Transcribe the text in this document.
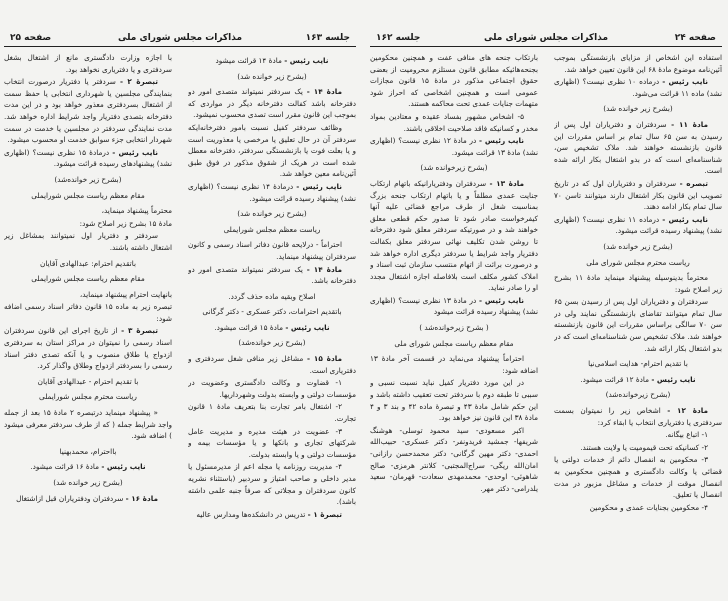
جلسه ۱۶۳
مذاکرات مجلس شورای ملی
صفحه ۲۵

نایب رئیس - مادهٔ ۱۴ قرائت میشود

(بشرح زیر خوانده شد)

مادهٔ ۱۴ - یک سردفتر نمیتواند متصدی امور دو دفترخانه باشد کفالت دفترخانه دیگر در مواردی که بموجب این قانون مقرر است تصدی محسوب نمیشود.

وظائف سردفتر کفیل نسبت بامور دفترخانه‌ایکه سردفتر آن در حال تعلیق یا مرخصی یا معذوریت است و یا بعلت فوت یا بازنشستگی سردفتر، دفترخانه معطل شده است در هریک از شقوق مذکور در فوق طبق آئین‌نامه معین خواهد شد.

نایب رئیس - درمادهٔ ۱۴ نظری نیست؟ (اظهاری نشد) پیشنهاد رسیده قرائت میشود.

(بشرح زیر خوانده شد)

ریاست معظم مجلس شورایملی

احتراماً - درلایحه قانون دفاتر اسناد رسمی و کانون سردفتران پیشنهاد مینماید.

مادهٔ ۱۴ - یک سردفتر نمیتواند متصدی امور دو دفترخانه باشد.

اصلاح وبقیه ماده حذف گردد.

باتقدیم احترامات، دکتر عسکری - دکتر گرگانی

نایب رئیس - مادهٔ ۱۵ قرائت میشود.

(بشرح زیر خوانده‌شد)

مادهٔ ۱۵ - مشاغل زیر منافی شغل سردفتری و دفتریاری است.

۱- قضاوت و وکالت دادگستری وعضویت در مؤسسات دولتی و وابسته بدولت وشهرداریها.

۲- اشتغال بامر تجارت بنا بتعریف مادهٔ ۱ قانون تجارت.

۳- عضویت در هیئت مدیره و مدیریت عامل شرکتهای تجاری و بانکها و یا مؤسسات بیمه و مؤسسات دولتی و یا وابسته بدولت.

۴- مدیریت روزنامه یا مجله اعم از مدیرمسئول یا مدیر داخلی و صاحب امتیاز و سردبیر (باستثناء نشریه کانون سردفتران و مجلاتی که صرفاً جنبه علمی داشته باشد).

تبصرهٔ ۱ - تدریس در دانشکده‌ها ومدارس عالیه

با اجازه وزارت دادگستری مانع از اشتغال بشغل سردفتری و یا دفتریاری نخواهد بود.

تبصرهٔ ۲ - سردفتر یا دفتریار درصورت انتخاب بنمایندگی مجلسین یا شهرداری انتخابی یا حفظ سمت از اشتغال بسردفتری معذور خواهد بود و در این مدت دفترخانه بتصدی دفتریار واجد شرایط اداره خواهد شد. مدت نمایندگی سردفتر در مجلسین یا خدمت در سمت شهردار انتخابی جزء سوابق خدمت او محسوب میشود.

نایب رئیس - درمادهٔ ۱۵ نظری نیست؟ (اظهاری نشد) پیشنهادهای رسیده قرائت میشود.

(بشرح زیر خوانده‌شد)

مقام معظم ریاست مجلس شورایملی

محترماً پیشنهاد مینماید،

مادهٔ ۱۵ بشرح زیر اصلاح شود:

سردفتر و دفتریار اول نمیتوانند بمشاغل زیر اشتغال داشته باشند.

باتقدیم احترام: عبدالهادی آقایان

مقام معظم ریاست مجلس شورایملی

بانهایت احترام پیشنهاد مینماید،

تبصره زیر به ماده ۱۵ قانون دفاتر اسناد رسمی اضافه شود:

تبصرهٔ ۳ - از تاریخ اجرای این قانون سردفتران اسناد رسمی را نمیتوان در مراکز استان به سردفتری ازدواج یا طلاق منصوب و یا آنکه تصدی دفتر اسناد رسمی را بسردفتر ازدواج وطلاق واگذار کرد.

با تقدیم احترام - عبدالهادی آقایان

ریاست محترم مجلس شورایملی

« پیشنهاد مینماید درتبصره ۲ مادهٔ ۱۵ بعد از جمله واجد شرایط جمله ( که از طرف سردفتر معرفی میشود ) اضافه شود.

بااحترام، محمدبهنیا

نایب رئیس - مادهٔ ۱۶ قرائت میشود.

(بشرح زیر خوانده شد)

مادهٔ ۱۶ - سردفتران ودفتریاران قبل ازاشتغال

صفحه ۲۴
مذاکرات مجلس شورای ملی
جلسه ۱۶۲

استفاده این اشخاص از مزایای بازنشستگی بموجب آئین‌نامه موضوع مادهٔ ۶۸ این قانون تعیین خواهد شد.

نایب رئیس - درماده ۱۰ نظری نیست؟ (اظهاری نشد) ماده ۱۱ قرائت می‌شود.

(بشرح زیر خوانده شد)

مادهٔ ۱۱ - سردفتران و دفتریاران اول پس از رسیدن به سن ۶۵ سال تمام بر اساس مقررات این قانون بازنشسته خواهند شد. ملاک تشخیص سن، شناسنامه‌ای است که در بدو اشتغال بکار ارائه شده است.

تبصره - سردفتران و دفتریاران اول که در تاریخ تصویب این قانون بکار اشتغال دارند میتوانند تاسن ۷۰ سال تمام بکار ادامه دهند.

نایب رئیس - درماده ۱۱ نظری نیست؟ (اظهاری نشد) پیشنهاد رسیده قرائت میشود.

(بشرح زیر خوانده شد)

ریاست محترم مجلس شورای ملی

محترماً بدینوسیله پیشنهاد مینماید مادهٔ ۱۱ بشرح زیر اصلاح شود:

سردفتران و دفتریاران اول پس از رسیدن بسن ۶۵ سال تمام میتوانند تقاضای بازنشستگی نمایند ولی در سن ۷۰ سالگی براساس مقررات این قانون بازنشسته خواهند شد. ملاک تشخیص سن شناسنامه‌ای است که در بدو اشتغال بکار ارائه شد.

با تقدیم احترام- هدایت اسلامی‌نیا

نایب رئیس - مادهٔ ۱۲ قرائت میشود.

(بشرح زیرخوانده‌شد)

مادهٔ ۱۲ - اشخاص زیر را نمیتوان بسمت سردفتری یا دفتریاری انتخاب یا ابقاء کرد:

۱- اتباع بیگانه.

۲- کسانیکه تحت قیمومیت یا ولایت هستند.

۳- محکومین به انفصال دائم از خدمات دولتی یا قضائی یا وکالت دادگستری و همچنین محکومین به انفصال موقت از خدمات و مشاغل مزبور در مدت انفصال یا تعلیق.

۴- محکومین بجنایات عمدی و محکومین

بارتکاب جنحه های منافی عفت و همچنین محکومین بجنحه‌هائیکه مطابق قانون مستلزم محرومیت از بعضی حقوق اجتماعی مذکور در مادهٔ ۱۵ قانون مجازات عمومی است و همچنین اشخاصی که احراز شود متهمات جنایات عمدی تحت محاکمه هستند.

۵- اشخاص مشهور بفساد عقیده و معتادین بمواد مخدر و کسانیکه فاقد صلاحیت اخلاقی باشند.

نایب رئیس - در مادهٔ ۱۲ نظری نیست؟ (اظهاری نشد) مادهٔ ۱۳ قرائت میشود.

(بشرح زیرخوانده شد)

مادهٔ ۱۳ - سردفتران ودفتریارانیکه باتهام ارتکاب جنایت عمدی مطلقاً و یا باتهام ارتکاب جنحه بزرگ بمناسبت شغل از طرف مراجع قضائی علیه آنها کیفرخواست صادر شود تا صدور حکم قطعی معلق خواهند شد و در صورتیکه سردفتر معلق شود دفترخانه تا روشن شدن تکلیف نهائی سردفتر معلق بکفالت دفتریار واجد شرایط یا سردفتر دیگری اداره خواهد شد و درصورت برائت از اتهام منتسب سازمان ثبت اسناد و املاک کشور مکلف است بلافاصله اجازه اشتغال مجدد او را صادر نماید.

نایب رئیس - در مادهٔ ۱۳ نظری نیست؟ (اظهاری نشد) پیشنهاد رسیده قرائت میشود

( بشرح زیرخوانده‌شد )

مقام معظم ریاست مجلس شورای ملی

احتراماً پیشنهاد می‌نماید در قسمت آخر مادهٔ ۱۳ اضافه شود:

در این مورد دفتریار کفیل نباید نسبت نسبی و سببی تا طبقه دوم با سردفتر تحت تعقیب داشته باشد و این حکم شامل مادهٔ ۴۳ و تبصرهٔ ماده ۴۲ و بند ۳ و ۴ مادهٔ ۳۸ این قانون نیز خواهد بود.

اکبر مسعودی- سید محمود توسلی- هوشنگ شریفها- جمشید فریدونفر- دکتر عسکری- حبیب‌الله احمدی- دکتر مهین گرگانی- دکتر محمدحسن رازانی- امان‌الله ریگی- سراج‌المجتبی- کلانتر هرمزی- صالح شاهوئی- اوحدی- محمدمهدی سعادت- قهرمان- سعید یلدرامی- دکتر مهر.
